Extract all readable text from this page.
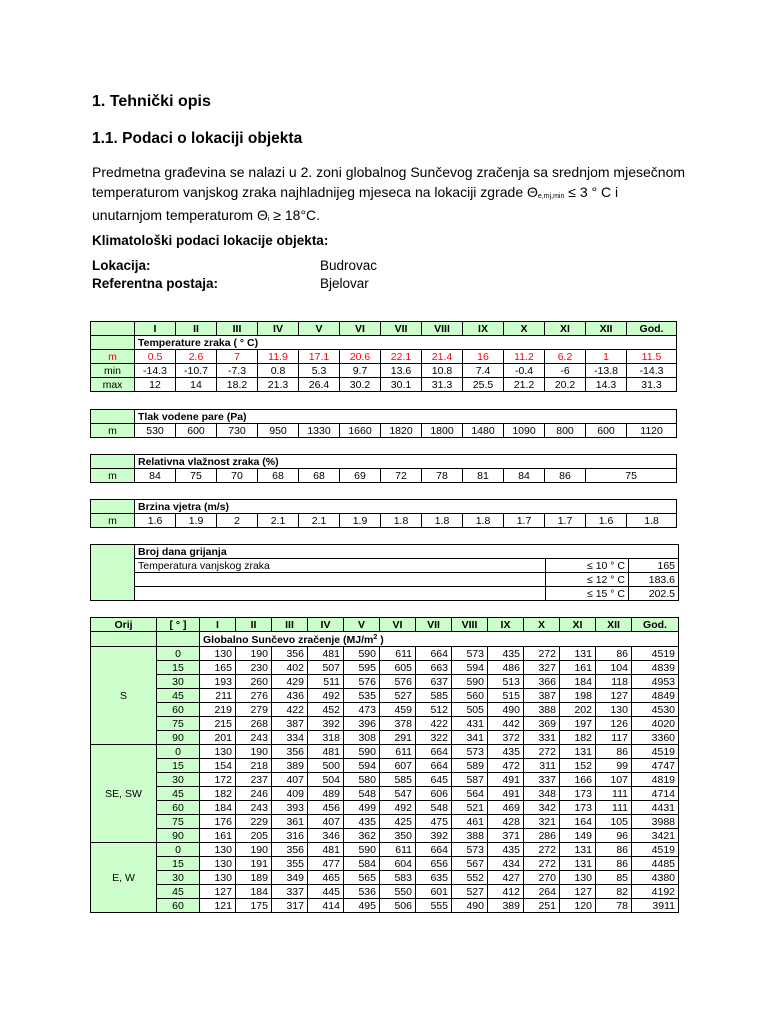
1. Tehnički opis
1.1. Podaci o lokaciji objekta
Predmetna građevina se nalazi u 2. zoni globalnog Sunčevog zračenja sa srednjom mjesečnom temperaturom vanjskog zraka najhladnijeg mjeseca na lokaciji zgrade $\Theta_{e,mj,min} \le 3$ ° C i unutarnjom temperaturom $\Theta_i \ge 18^\circ C$.
Klimatološki podaci lokacije objekta:
Lokacija:	Budrovac
Referentna postaja:	Bjelovar
	I	II	III	IV	V	VI	VII	VIII	IX	X	XI	XII	God.
	Temperature zraka ( ° C)												
m	0.5	2.6	7	11.9	17.1	20.6	22.1	21.4	16	11.2	6.2	1	11.5
min	-14.3	-10.7	-7.3	0.8	5.3	9.7	13.6	10.8	7.4	-0.4	-6	-13.8	-14.3
max	12	14	18.2	21.3	26.4	30.2	30.1	31.3	25.5	21.2	20.2	14.3	31.3
	Tlak vodene pare (Pa)												
m	530	600	730	950	1330	1660	1820	1800	1480	1090	800	600	1120
	Relativna vlažnost zraka (%)											
m	84	75	70	68	68	69	72	78	81	84	86	75
	Brzina vjetra (m/s)												
m	1.6	1.9	2	2.1	2.1	1.9	1.8	1.8	1.8	1.7	1.7	1.6	1.8
	Broj dana grijanja		
	Temperatura vanjskog zraka	≤ 10 ° C	165
		≤ 12 ° C	183.6
		≤ 15 ° C	202.5
Orij	[ ° ]	I	II	III	IV	V	VI	VII	VIII	IX	X	XI	XII	God.
		Globalno Sunčevo zračenje ($MJ/m^2$ )												
S	0	130	190	356	481	590	611	664	573	435	272	131	86	4519
	15	165	230	402	507	595	605	663	594	486	327	161	104	4839
	30	193	260	429	511	576	576	637	590	513	366	184	118	4953
	45	211	276	436	492	535	527	585	560	515	387	198	127	4849
	60	219	279	422	452	473	459	512	505	490	388	202	130	4530
	75	215	268	387	392	396	378	422	431	442	369	197	126	4020
	90	201	243	334	318	308	291	322	341	372	331	182	117	3360
SE, SW	0	130	190	356	481	590	611	664	573	435	272	131	86	4519
	15	154	218	389	500	594	607	664	589	472	311	152	99	4747
	30	172	237	407	504	580	585	645	587	491	337	166	107	4819
	45	182	246	409	489	548	547	606	564	491	348	173	111	4714
	60	184	243	393	456	499	492	548	521	469	342	173	111	4431
	75	176	229	361	407	435	425	475	461	428	321	164	105	3988
	90	161	205	316	346	362	350	392	388	371	286	149	96	3421
E, W	0	130	190	356	481	590	611	664	573	435	272	131	86	4519
	15	130	191	355	477	584	604	656	567	434	272	131	86	4485
	30	130	189	349	465	565	583	635	552	427	270	130	85	4380
	45	127	184	337	445	536	550	601	527	412	264	127	82	4192
	60	121	175	317	414	495	506	555	490	389	251	120	78	3911
